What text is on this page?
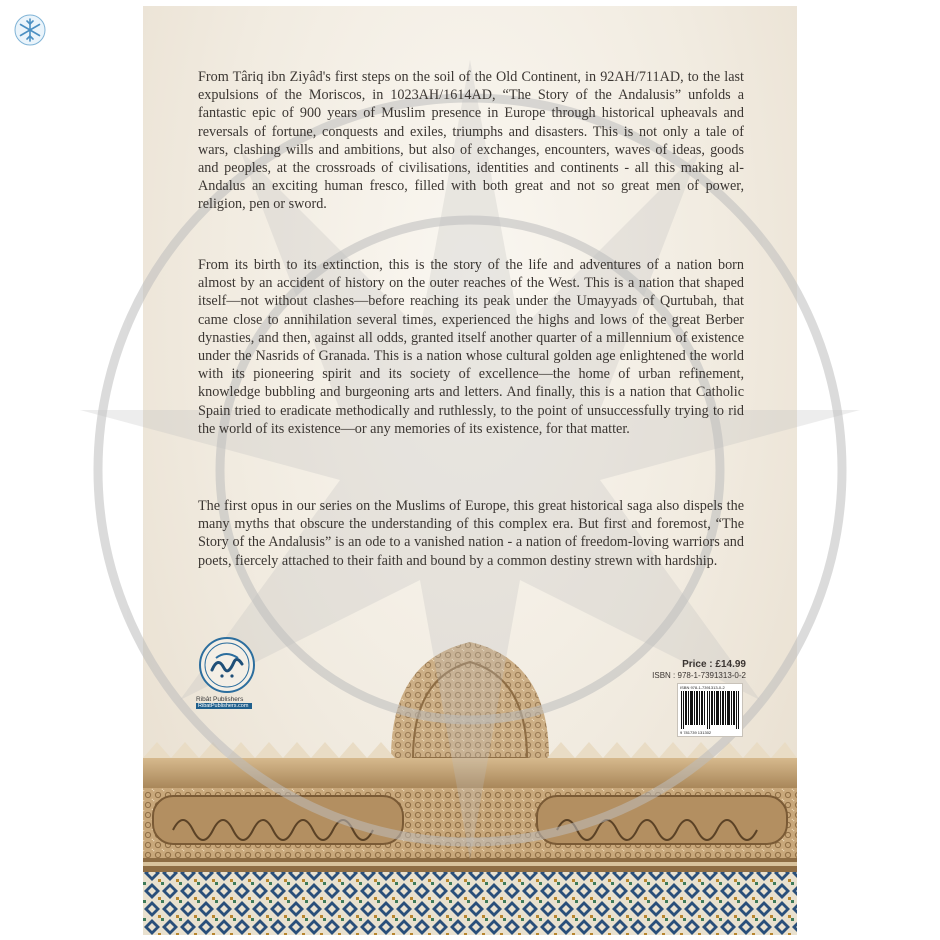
From Târiq ibn Ziyâd's first steps on the soil of the Old Continent, in 92AH/711AD, to the last expulsions of the Moriscos, in 1023AH/1614AD, “The Story of the Andalusis” unfolds a fantastic epic of 900 years of Muslim presence in Europe through historical upheavals and reversals of fortune, conquests and exiles, triumphs and disasters. This is not only a tale of wars, clashing wills and ambitions, but also of exchanges, encounters, waves of ideas, goods and peoples, at the crossroads of civilisations, identities and continents - all this making al-Andalus an exciting human fresco, filled with both great and not so great men of power, religion, pen or sword.

From its birth to its extinction, this is the story of the life and adventures of a nation born almost by an accident of history on the outer reaches of the West. This is a nation that shaped itself—not without clashes—before reaching its peak under the Umayyads of Qurtubah, that came close to annihilation several times, experienced the highs and lows of the great Berber dynasties, and then, against all odds, granted itself another quarter of a millennium of existence under the Nasrids of Granada. This is a nation whose cultural golden age enlightened the world with its pioneering spirit and its society of excellence—the home of urban refinement, knowledge bubbling and burgeoning arts and letters. And finally, this is a nation that Catholic Spain tried to eradicate methodically and ruthlessly, to the point of unsuccessfully trying to rid the world of its existence—or any memories of its existence, for that matter.

The first opus in our series on the Muslims of Europe, this great historical saga also dispels the many myths that obscure the understanding of this complex era. But first and foremost, “The Story of the Andalusis” is an ode to a vanished nation - a nation of freedom-loving warriors and poets, fiercely attached to their faith and bound by a common destiny strewn with hardship.

Ribât Publishers
RibatPublishers.com
Price : £14.99
ISBN : 978-1-7391313-0-2
ISBN 978-1-7391313-0-2
9 781739 131302
